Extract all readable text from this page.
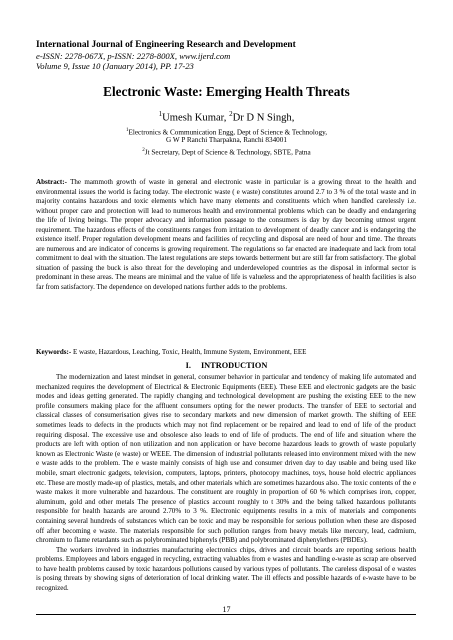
International Journal of Engineering Research and Development
e-ISSN: 2278-067X, p-ISSN: 2278-800X, www.ijerd.com
Volume 9, Issue 10 (January 2014), PP. 17-23
Electronic Waste: Emerging Health Threats
$^1$Umesh Kumar, $^2$Dr D N Singh,
$^1$Electronics & Communication Engg, Dept of Science & Technology,
G W P Ranchi Tharpakna, Ranchi 834001
$^2$Jt Secretary, Dept of Science & Technology, SBTE, Patna
Abstract:- The mammoth growth of waste in general and electronic waste in particular is a growing threat to the health and environmental issues the world is facing today. The electronic waste ( e waste) constitutes around 2.7 to 3 % of the total waste and in majority contains hazardous and toxic elements which have many elements and constituents which when handled carelessly i.e. without proper care and protection will lead to numerous health and environmental problems which can be deadly and endangering the life of living beings. The proper advocacy and information passage to the consumers is day by day becoming utmost urgent requirement. The hazardous effects of the constituents ranges from irritation to development of deadly cancer and is endangering the existence itself. Proper regulation development means and facilities of recycling and disposal are need of hour and time. The threats are numerous and are indicator of concerns is growing requirement. The regulations so far enacted are inadequate and lack from total commitment to deal with the situation. The latest regulations are steps towards betterment but are still far from satisfactory. The global situation of passing the buck is also threat for the developing and underdeveloped countries as the disposal in informal sector is predominant in these areas. The means are minimal and the value of life is valueless and the appropriateness of health facilities is also far from satisfactory. The dependence on developed nations further adds to the problems.
Keywords:- E waste, Hazardous, Leaching, Toxic, Health, Immune System, Environment, EEE
I. INTRODUCTION

The modernization and latest mindset in general, consumer behavior in particular and tendency of making life automated and mechanized requires the development of Electrical & Electronic Equipments (EEE). These EEE and electronic gadgets are the basic modes and ideas getting generated. The rapidly changing and technological development are pushing the existing EEE to the new profile consumers making place for the affluent consumers opting for the newer products. The transfer of EEE to sectorial and classical classes of consumerisation gives rise to secondary markets and new dimension of market growth. The shifting of EEE sometimes leads to defects in the products which may not find replacement or be repaired and lead to end of life of the product requiring disposal. The excessive use and obsolesce also leads to end of life of products. The end of life and situation where the products are left with option of non utilization and non application or have become hazardous leads to growth of waste popularly known as Electronic Waste (e waste) or WEEE. The dimension of industrial pollutants released into environment mixed with the new e waste adds to the problem. The e waste mainly consists of high use and consumer driven day to day usable and being used like mobile, smart electronic gadgets, television, computers, laptops, printers, photocopy machines, toys, house hold electric appliances etc. These are mostly made-up of plastics, metals, and other materials which are sometimes hazardous also. The toxic contents of the e waste makes it more vulnerable and hazardous. The constituent are roughly in proportion of 60 % which comprises iron, copper, aluminum, gold and other metals The presence of plastics account roughly to t 30% and the being talked hazardous pollutants responsible for health hazards are around 2.70% to 3 %. Electronic equipments results in a mix of materials and components containing several hundreds of substances which can be toxic and may be responsible for serious pollution when these are disposed off after becoming e waste. The materials responsible for such pollution ranges from heavy metals like mercury, lead, cadmium, chromium to flame retardants such as polybrominated biphenyls (PBB) and polybrominated diphenylethers (PBDEs).

The workers involved in industries manufacturing electronics chips, drives and circuit boards are reporting serious health problems. Employees and labors engaged in recycling, extracting valuables from e wastes and handling e-waste as scrap are observed to have health problems caused by toxic hazardous pollutions caused by various types of pollutants. The careless disposal of e wastes is posing threats by showing signs of deterioration of local drinking water. The ill effects and possible hazards of e-waste have to be recognized.

17
